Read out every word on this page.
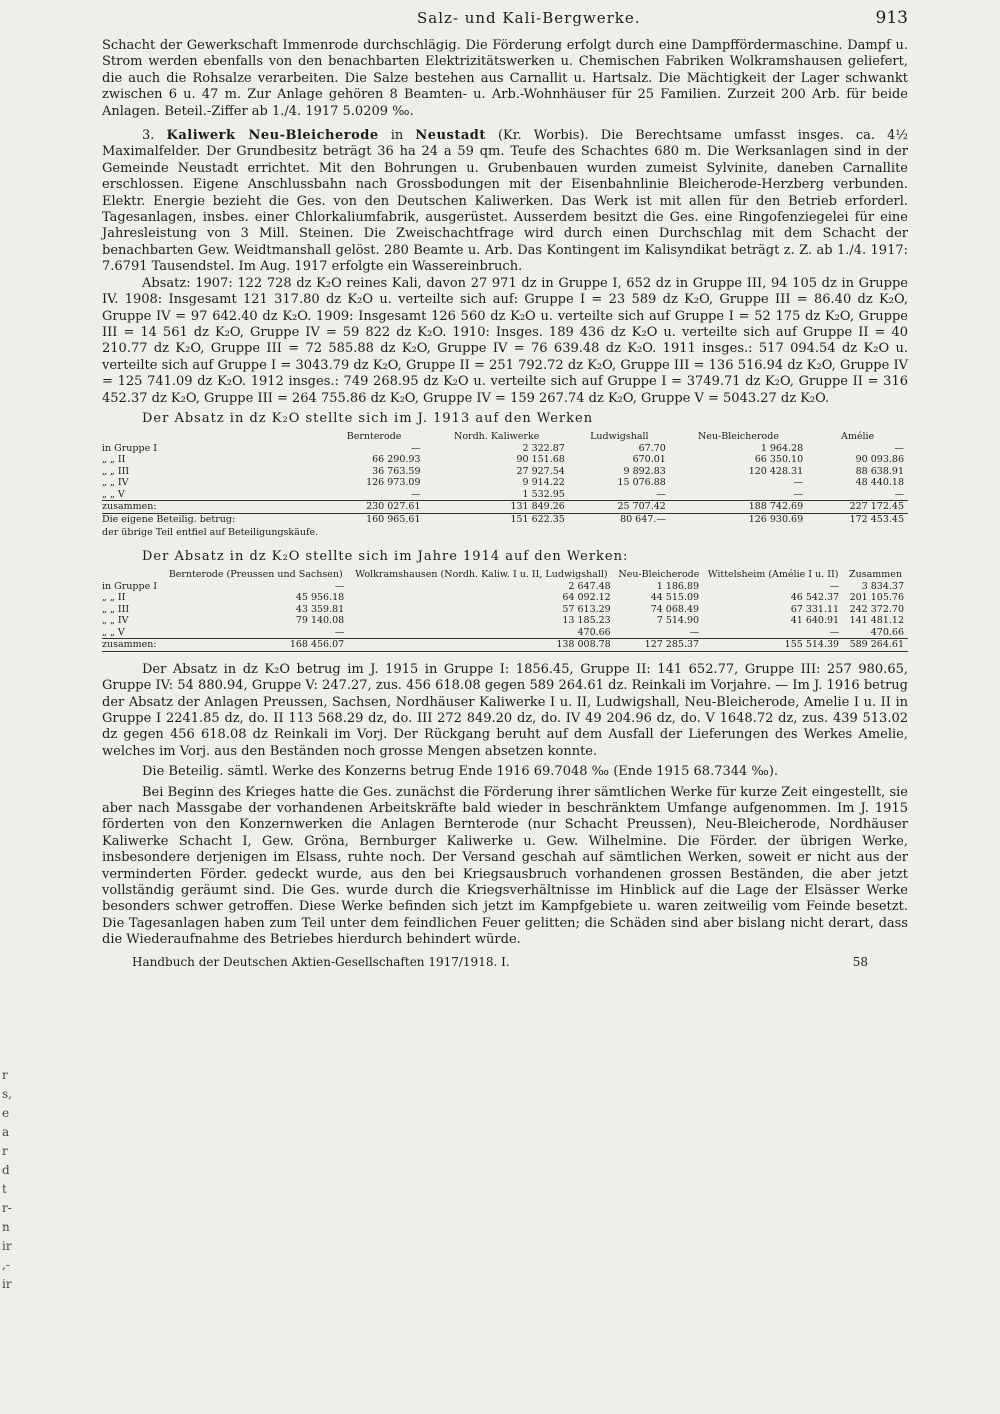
r
s,
e
a
r
d
t
r-
n
ir
,-
ir
Salz- und Kali-Bergwerke.	913

Schacht der Gewerkschaft Immenrode durchschlägig. Die Förderung erfolgt durch eine Dampffördermaschine. Dampf u. Strom werden ebenfalls von den benachbarten Elektrizitätswerken u. Chemischen Fabriken Wolkramshausen geliefert, die auch die Rohsalze verarbeiten. Die Salze bestehen aus Carnallit u. Hartsalz. Die Mächtigkeit der Lager schwankt zwischen 6 u. 47 m. Zur Anlage gehören 8 Beamten- u. Arb.-Wohnhäuser für 25 Familien. Zurzeit 200 Arb. für beide Anlagen. Beteil.-Ziffer ab 1./4. 1917 5.0209 ‰.

3. Kaliwerk Neu-Bleicherode in Neustadt (Kr. Worbis). Die Berechtsame umfasst insges. ca. 4½ Maximalfelder. Der Grundbesitz beträgt 36 ha 24 a 59 qm. Teufe des Schachtes 680 m. Die Werksanlagen sind in der Gemeinde Neustadt errichtet. Mit den Bohrungen u. Grubenbauen wurden zumeist Sylvinite, daneben Carnallite erschlossen. Eigene Anschlussbahn nach Grossbodungen mit der Eisenbahnlinie Bleicherode-Herzberg verbunden. Elektr. Energie bezieht die Ges. von den Deutschen Kaliwerken. Das Werk ist mit allen für den Betrieb erforderl. Tagesanlagen, insbes. einer Chlorkaliumfabrik, ausgerüstet. Ausserdem besitzt die Ges. eine Ringofenziegelei für eine Jahresleistung von 3 Mill. Steinen. Die Zweischachtfrage wird durch einen Durchschlag mit dem Schacht der benachbarten Gew. Weidtmanshall gelöst. 280 Beamte u. Arb. Das Kontingent im Kalisyndikat beträgt z. Z. ab 1./4. 1917: 7.6791 Tausendstel. Im Aug. 1917 erfolgte ein Wassereinbruch.

Absatz: 1907: 122 728 dz K₂O reines Kali, davon 27 971 dz in Gruppe I, 652 dz in Gruppe III, 94 105 dz in Gruppe IV. 1908: Insgesamt 121 317.80 dz K₂O u. verteilte sich auf: Gruppe I = 23 589 dz K₂O, Gruppe III = 86.40 dz K₂O, Gruppe IV = 97 642.40 dz K₂O. 1909: Insgesamt 126 560 dz K₂O u. verteilte sich auf Gruppe I = 52 175 dz K₂O, Gruppe III = 14 561 dz K₂O, Gruppe IV = 59 822 dz K₂O. 1910: Insges. 189 436 dz K₂O u. verteilte sich auf Gruppe II = 40 210.77 dz K₂O, Gruppe III = 72 585.88 dz K₂O, Gruppe IV = 76 639.48 dz K₂O. 1911 insges.: 517 094.54 dz K₂O u. verteilte sich auf Gruppe I = 3043.79 dz K₂O, Gruppe II = 251 792.72 dz K₂O, Gruppe III = 136 516.94 dz K₂O, Gruppe IV = 125 741.09 dz K₂O. 1912 insges.: 749 268.95 dz K₂O u. verteilte sich auf Gruppe I = 3749.71 dz K₂O, Gruppe II = 316 452.37 dz K₂O, Gruppe III = 264 755.86 dz K₂O, Gruppe IV = 159 267.74 dz K₂O, Gruppe V = 5043.27 dz K₂O.

Der Absatz in dz K₂O stellte sich im J. 1913 auf den Werken

	Bernterode	Nordh. Kaliwerke	Ludwigshall	Neu-Bleicherode	Amélie
in Gruppe I	—	2 322.87	67.70	1 964.28	—
„ „ II	66 290.93	90 151.68	670.01	66 350.10	90 093.86
„ „ III	36 763.59	27 927.54	9 892.83	120 428.31	88 638.91
„ „ IV	126 973.09	9 914.22	15 076.88	—	48 440.18
„ „ V	—	1 532.95	—	—	—
zusammen:	230 027.61	131 849.26	25 707.42	188 742.69	227 172.45
Die eigene Beteilig. betrug:	160 965.61	151 622.35	80 647.—	126 930.69	172 453.45
der übrige Teil entfiel auf Beteiligungskäufe.

Der Absatz in dz K₂O stellte sich im Jahre 1914 auf den Werken:

	Bernterode (Preussen und Sachsen)	Wolkramshausen (Nordh. Kaliw. I u. II, Ludwigshall)	Neu-Bleicherode	Wittelsheim (Amélie I u. II)	Zusammen
in Gruppe I	—	2 647.48	1 186.89	—	3 834.37
„ „ II	45 956.18	64 092.12	44 515.09	46 542.37	201 105.76
„ „ III	43 359.81	57 613.29	74 068.49	67 331.11	242 372.70
„ „ IV	79 140.08	13 185.23	7 514.90	41 640.91	141 481.12
„ „ V	—	470.66	—	—	470.66
zusammen:	168 456.07	138 008.78	127 285.37	155 514.39	589 264.61

Der Absatz in dz K₂O betrug im J. 1915 in Gruppe I: 1856.45, Gruppe II: 141 652.77, Gruppe III: 257 980.65, Gruppe IV: 54 880.94, Gruppe V: 247.27, zus. 456 618.08 gegen 589 264.61 dz. Reinkali im Vorjahre. — Im J. 1916 betrug der Absatz der Anlagen Preussen, Sachsen, Nordhäuser Kaliwerke I u. II, Ludwigshall, Neu-Bleicherode, Amelie I u. II in Gruppe I 2241.85 dz, do. II 113 568.29 dz, do. III 272 849.20 dz, do. IV 49 204.96 dz, do. V 1648.72 dz, zus. 439 513.02 dz gegen 456 618.08 dz Reinkali im Vorj. Der Rückgang beruht auf dem Ausfall der Lieferungen des Werkes Amelie, welches im Vorj. aus den Beständen noch grosse Mengen absetzen konnte.

Die Beteilig. sämtl. Werke des Konzerns betrug Ende 1916 69.7048 ‰ (Ende 1915 68.7344 ‰).

Bei Beginn des Krieges hatte die Ges. zunächst die Förderung ihrer sämtlichen Werke für kurze Zeit eingestellt, sie aber nach Massgabe der vorhandenen Arbeitskräfte bald wieder in beschränktem Umfange aufgenommen. Im J. 1915 förderten von den Konzernwerken die Anlagen Bernterode (nur Schacht Preussen), Neu-Bleicherode, Nordhäuser Kaliwerke Schacht I, Gew. Gröna, Bernburger Kaliwerke u. Gew. Wilhelmine. Die Förder. der übrigen Werke, insbesondere derjenigen im Elsass, ruhte noch. Der Versand geschah auf sämtlichen Werken, soweit er nicht aus der verminderten Förder. gedeckt wurde, aus den bei Kriegsausbruch vorhandenen grossen Beständen, die aber jetzt vollständig geräumt sind. Die Ges. wurde durch die Kriegsverhältnisse im Hinblick auf die Lage der Elsässer Werke besonders schwer getroffen. Diese Werke befinden sich jetzt im Kampfgebiete u. waren zeitweilig vom Feinde besetzt. Die Tagesanlagen haben zum Teil unter dem feindlichen Feuer gelitten; die Schäden sind aber bislang nicht derart, dass die Wiederaufnahme des Betriebes hierdurch behindert würde.

Handbuch der Deutschen Aktien-Gesellschaften 1917/1918. I.	58
